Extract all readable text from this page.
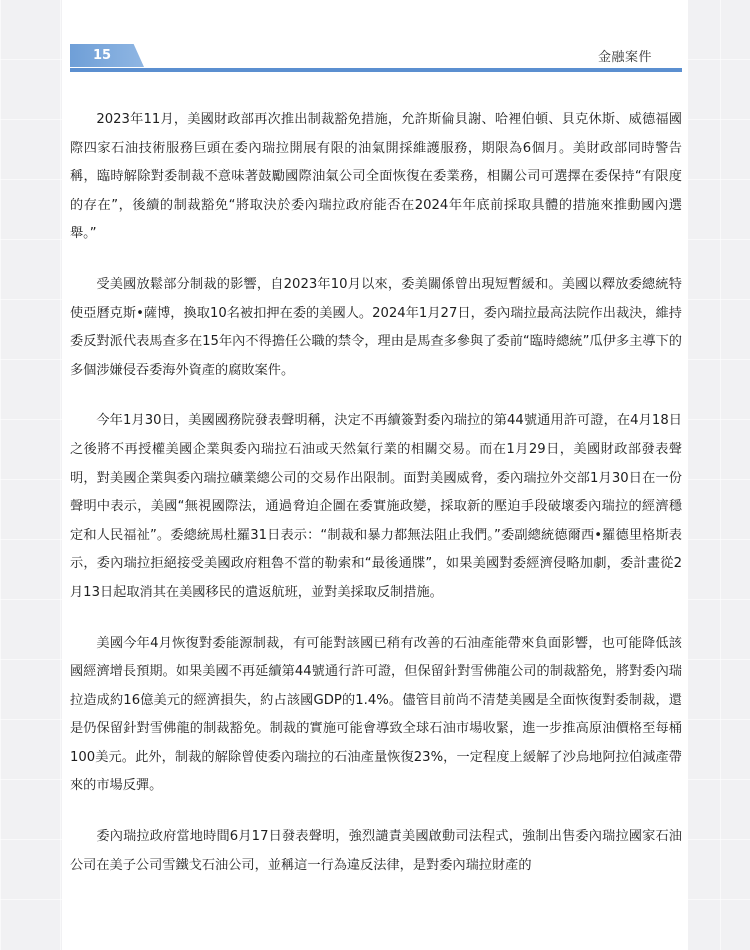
15	金融案件

2023年11月，美國財政部再次推出制裁豁免措施，允許斯倫貝謝、哈裡伯頓、貝克休斯、威德福國際四家石油技術服務巨頭在委內瑞拉開展有限的油氣開採維護服務，期限為6個月。美財政部同時警告稱，臨時解除對委制裁不意味著鼓勵國際油氣公司全面恢復在委業務，相關公司可選擇在委保持“有限度的存在”，後續的制裁豁免“將取決於委內瑞拉政府能否在2024年年底前採取具體的措施來推動國內選舉。”

受美國放鬆部分制裁的影響，自2023年10月以來，委美關係曾出現短暫緩和。美國以釋放委總統特使亞曆克斯•薩博，換取10名被扣押在委的美國人。2024年1月27日，委內瑞拉最高法院作出裁決，維持委反對派代表馬查多在15年內不得擔任公職的禁令，理由是馬查多參與了委前“臨時總統”瓜伊多主導下的多個涉嫌侵吞委海外資產的腐敗案件。

今年1月30日，美國國務院發表聲明稱，決定不再續簽對委內瑞拉的第44號通用許可證，在4月18日之後將不再授權美國企業與委內瑞拉石油或天然氣行業的相關交易。而在1月29日，美國財政部發表聲明，對美國企業與委內瑞拉礦業總公司的交易作出限制。面對美國威脅，委內瑞拉外交部1月30日在一份聲明中表示，美國“無視國際法，通過脅迫企圖在委實施政變，採取新的壓迫手段破壞委內瑞拉的經濟穩定和人民福祉”。委總統馬杜羅31日表示：“制裁和暴力都無法阻止我們。”委副總統德爾西•羅德里格斯表示，委內瑞拉拒絕接受美國政府粗魯不當的勒索和“最後通牒”，如果美國對委經濟侵略加劇，委計畫從2月13日起取消其在美國移民的遣返航班，並對美採取反制措施。

美國今年4月恢復對委能源制裁，有可能對該國已稍有改善的石油產能帶來負面影響，也可能降低該國經濟增長預期。如果美國不再延續第44號通行許可證，但保留針對雪佛龍公司的制裁豁免，將對委內瑞拉造成約16億美元的經濟損失，約占該國GDP的1.4%。儘管目前尚不清楚美國是全面恢復對委制裁，還是仍保留針對雪佛龍的制裁豁免。制裁的實施可能會導致全球石油市場收緊，進一步推高原油價格至每桶100美元。此外，制裁的解除曾使委內瑞拉的石油產量恢復23%，一定程度上緩解了沙烏地阿拉伯減產帶來的市場反彈。

委內瑞拉政府當地時間6月17日發表聲明，強烈譴責美國啟動司法程式，強制出售委內瑞拉國家石油公司在美子公司雪鐵戈石油公司，並稱這一行為違反法律，是對委內瑞拉財產的
